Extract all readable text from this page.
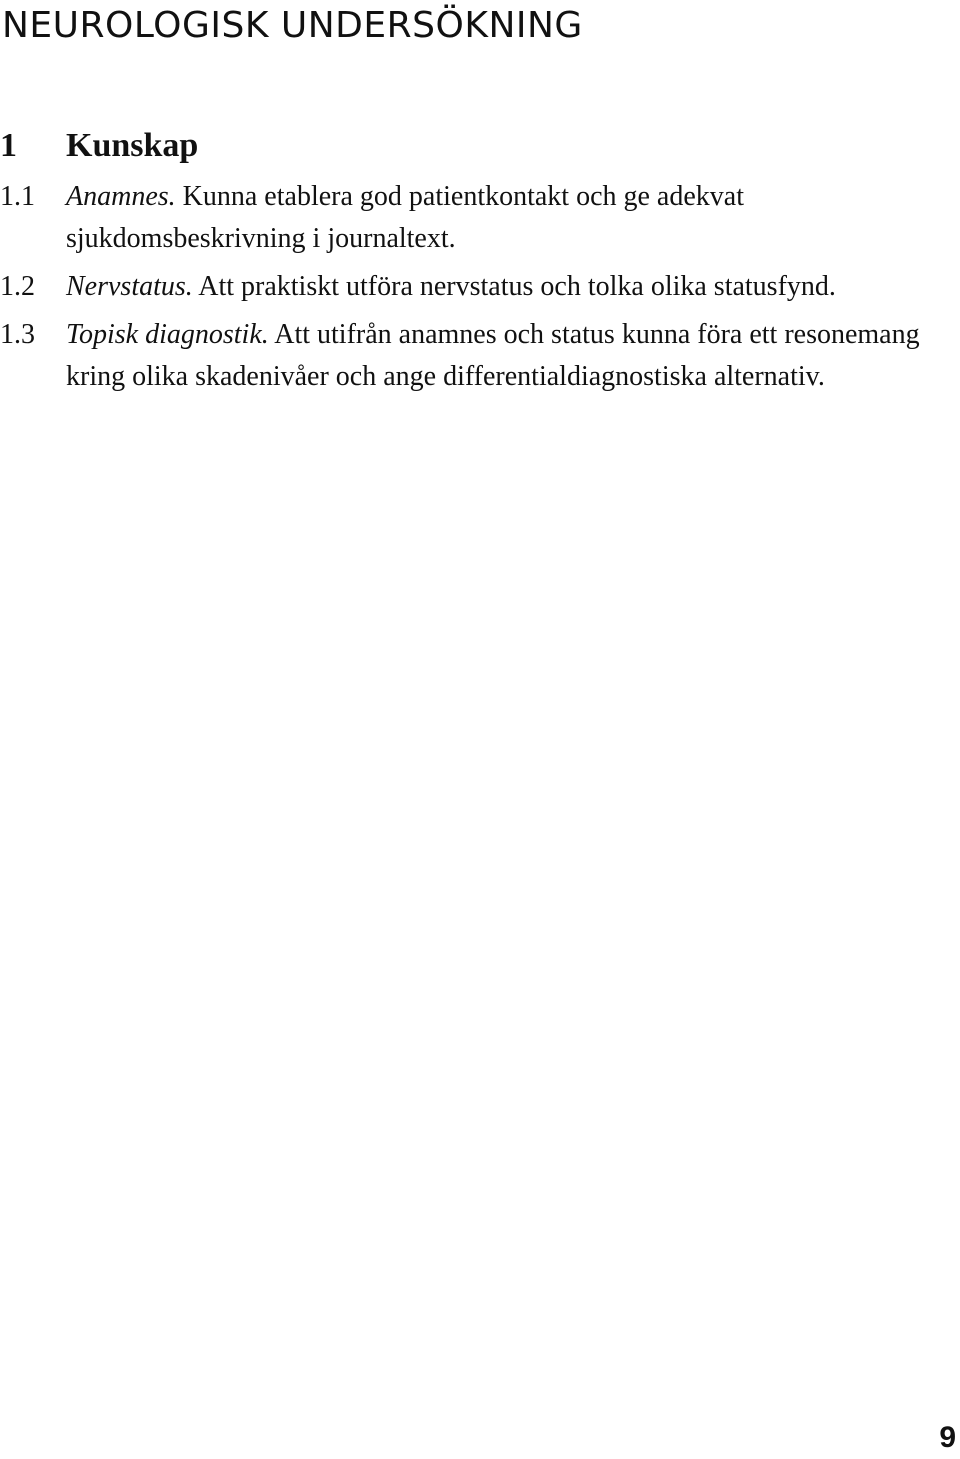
NEUROLOGISK UNDERSÖKNING
1	Kunskap
1.1	Anamnes. Kunna etablera god patientkontakt och ge adekvat sjukdomsbeskrivning i journaltext.
1.2	Nervstatus. Att praktiskt utföra nervstatus och tolka olika statusfynd.
1.3	Topisk diagnostik. Att utifrån anamnes och status kunna föra ett resonemang kring olika skadenivåer och ange differentialdiagnostiska alternativ.
9
